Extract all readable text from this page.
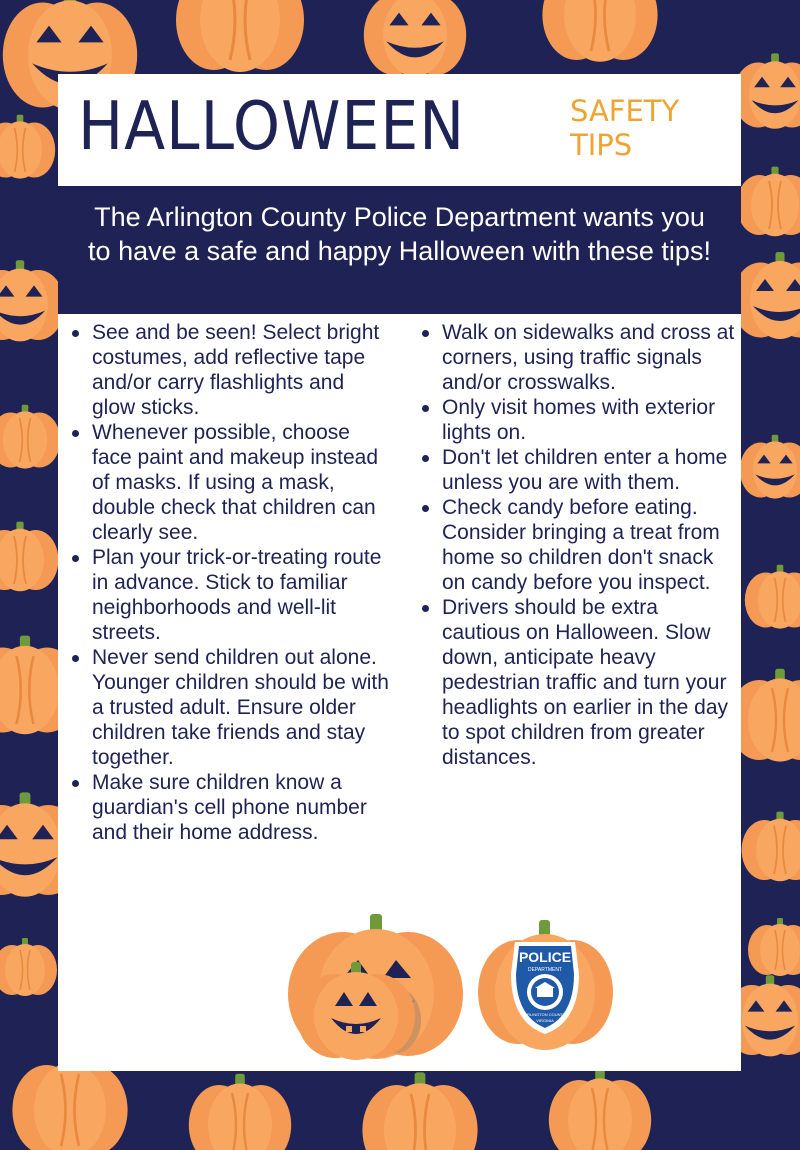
HALLOWEEN	SAFETY
TIPS
The Arlington County Police Department wants you to have a safe and happy Halloween with these tips!
See and be seen! Select bright costumes, add reflective tape and/or carry flashlights and glow sticks.
Whenever possible, choose face paint and makeup instead of masks. If using a mask, double check that children can clearly see.
Plan your trick-or-treating route in advance. Stick to familiar neighborhoods and well-lit streets.
Never send children out alone. Younger children should be with a trusted adult. Ensure older children take friends and stay together.
Make sure children know a guardian's cell phone number and their home address.
Walk on sidewalks and cross at corners, using traffic signals and/or crosswalks.
Only visit homes with exterior lights on.
Don't let children enter a home unless you are with them.
Check candy before eating. Consider bringing a treat from home so children don't snack on candy before you inspect.
Drivers should be extra cautious on Halloween. Slow down, anticipate heavy pedestrian traffic and turn your headlights on earlier in the day to spot children from greater distances.
POLICE
DEPARTMENT
ARLINGTON COUNTY
VIRGINIA
